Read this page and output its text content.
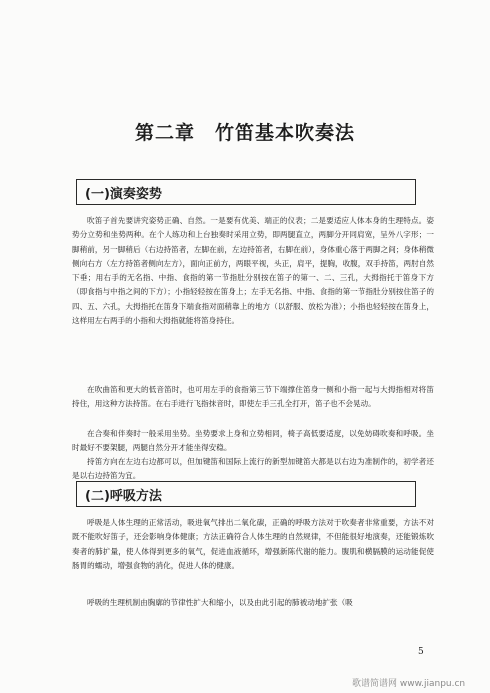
第二章　竹笛基本吹奏法
(一)演奏姿势

吹笛子首先要讲究姿势正确、自然。一是要有优美、端正的仪表；二是要适应人体本身的生理特点。姿势分立势和坐势两种。在个人练功和上台独奏时采用立势，即两腿直立，两脚分开同肩宽，呈外八字形；一脚稍前，另一脚稍后（右边持笛者，左脚在前，左边持笛者，右脚在前），身体重心落于两脚之间；身体稍微侧向右方（左方持笛者侧向左方），面向正前方，两眼平视，头正，肩平，提胸，收腹，双手持笛，两肘自然下垂；用右手的无名指、中指、食指的第一节指肚分别按在笛子的第一、二、三孔，大拇指托于笛身下方（即食指与中指之间的下方）；小指轻轻按在笛身上；左手无名指、中指、食指的第一节指肚分别按住笛子的四、五、六孔，大拇指托在笛身下端食指对面稍靠上的地方（以舒服、放松为准）；小指也轻轻按在笛身上，这样用左右两手的小指和大拇指就能将笛身持住。

在吹曲笛和更大的低音笛时，也可用左手的食指第三节下端撑住笛身一侧和小指一起与大拇指相对将笛持住，用这种方法持笛。在右手进行飞指抹音时，即使左手三孔全打开，笛子也不会晃动。

在合奏和伴奏时一般采用坐势。坐势要求上身和立势相同，椅子高低要适度，以免妨碍吹奏和呼吸。坐时最好不要架腿，两腿自然分开才能坐得安稳。

持笛方向在左边右边都可以，但加键笛和国际上流行的新型加键笛大都是以右边为准制作的，初学者还是以右边持笛为宜。

(二)呼吸方法

呼吸是人体生理的正常活动，吸进氧气排出二氧化碳，正确的呼吸方法对于吹奏者非常重要，方法不对既不能吹好笛子，还会影响身体健康；方法正确符合人体生理的自然规律，不但能很好地演奏，还能锻炼吹奏者的肺扩量，使人体得到更多的氧气，促进血液循环，增强新陈代谢的能力。腹肌和横膈膜的运动能促使肠胃的蠕动，增强食物的消化，促进人体的健康。

呼吸的生理机制由胸廓的节律性扩大和缩小，以及由此引起的肺被动地扩张（吸

5
歌谱简谱网 www.jianpu.cn
